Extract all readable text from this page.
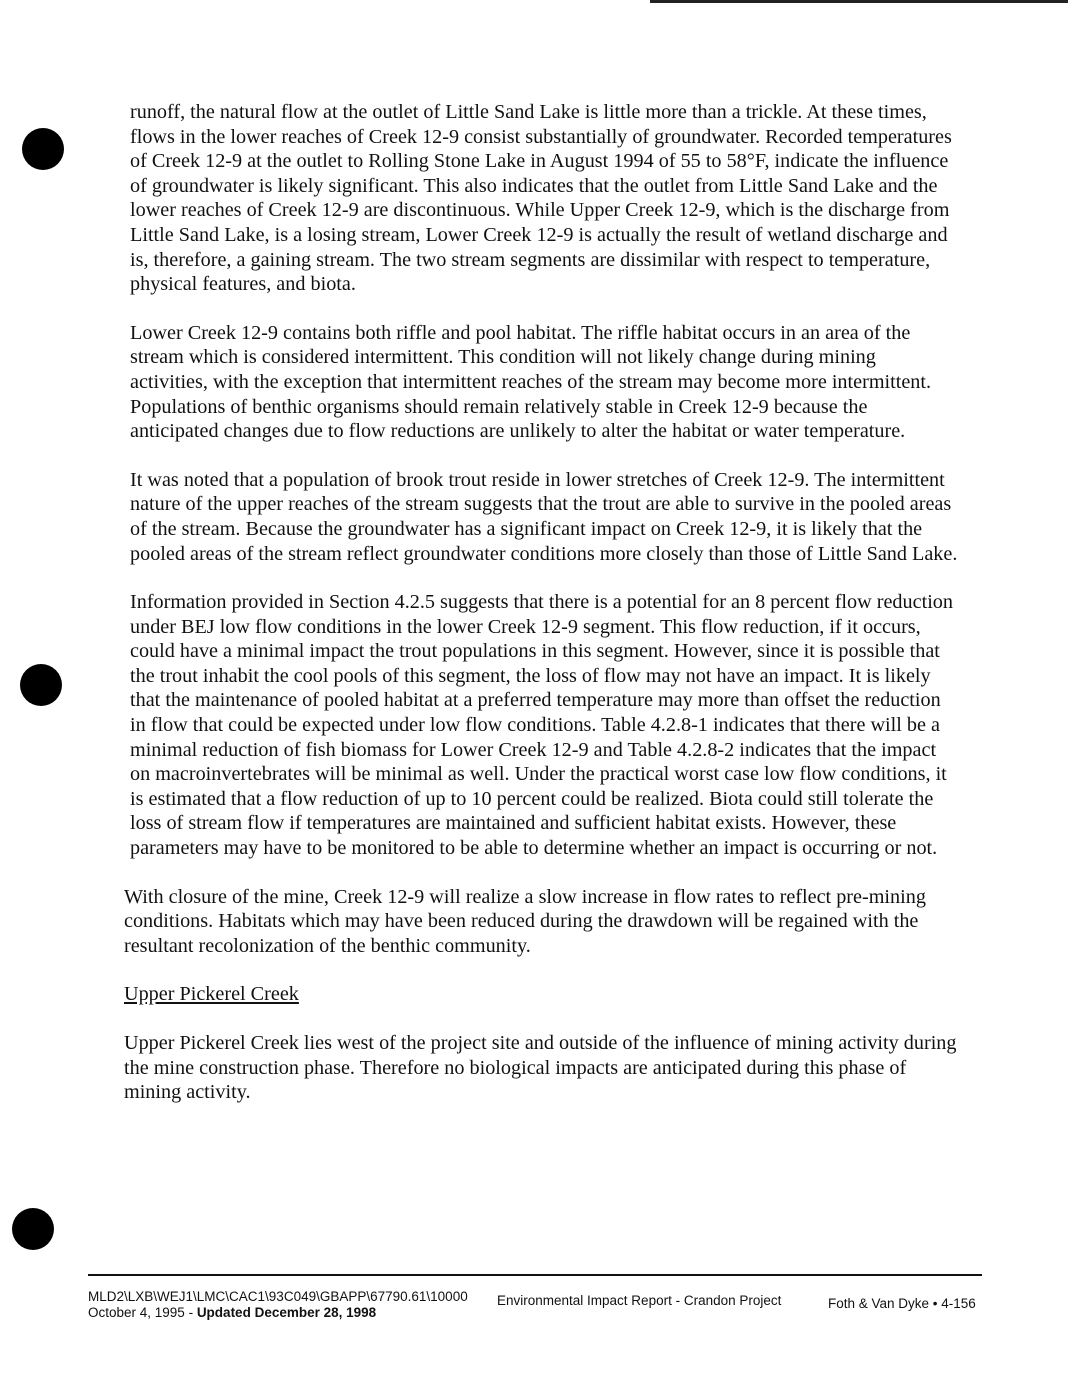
runoff, the natural flow at the outlet of Little Sand Lake is little more than a trickle. At these times, flows in the lower reaches of Creek 12-9 consist substantially of groundwater. Recorded temperatures of Creek 12-9 at the outlet to Rolling Stone Lake in August 1994 of 55 to 58°F, indicate the influence of groundwater is likely significant. This also indicates that the outlet from Little Sand Lake and the lower reaches of Creek 12-9 are discontinuous. While Upper Creek 12-9, which is the discharge from Little Sand Lake, is a losing stream, Lower Creek 12-9 is actually the result of wetland discharge and is, therefore, a gaining stream. The two stream segments are dissimilar with respect to temperature, physical features, and biota.

Lower Creek 12-9 contains both riffle and pool habitat. The riffle habitat occurs in an area of the stream which is considered intermittent. This condition will not likely change during mining activities, with the exception that intermittent reaches of the stream may become more intermittent. Populations of benthic organisms should remain relatively stable in Creek 12-9 because the anticipated changes due to flow reductions are unlikely to alter the habitat or water temperature.

It was noted that a population of brook trout reside in lower stretches of Creek 12-9. The intermittent nature of the upper reaches of the stream suggests that the trout are able to survive in the pooled areas of the stream. Because the groundwater has a significant impact on Creek 12-9, it is likely that the pooled areas of the stream reflect groundwater conditions more closely than those of Little Sand Lake.

Information provided in Section 4.2.5 suggests that there is a potential for an 8 percent flow reduction under BEJ low flow conditions in the lower Creek 12-9 segment. This flow reduction, if it occurs, could have a minimal impact the trout populations in this segment. However, since it is possible that the trout inhabit the cool pools of this segment, the loss of flow may not have an impact. It is likely that the maintenance of pooled habitat at a preferred temperature may more than offset the reduction in flow that could be expected under low flow conditions. Table 4.2.8-1 indicates that there will be a minimal reduction of fish biomass for Lower Creek 12-9 and Table 4.2.8-2 indicates that the impact on macroinvertebrates will be minimal as well. Under the practical worst case low flow conditions, it is estimated that a flow reduction of up to 10 percent could be realized. Biota could still tolerate the loss of stream flow if temperatures are maintained and sufficient habitat exists. However, these parameters may have to be monitored to be able to determine whether an impact is occurring or not.

With closure of the mine, Creek 12-9 will realize a slow increase in flow rates to reflect pre-mining conditions. Habitats which may have been reduced during the drawdown will be regained with the resultant recolonization of the benthic community.

Upper Pickerel Creek

Upper Pickerel Creek lies west of the project site and outside of the influence of mining activity during the mine construction phase. Therefore no biological impacts are anticipated during this phase of mining activity.

MLD2\LXB\WEJ1\LMC\CAC1\93C049\GBAPP\67790.61\10000
October 4, 1995 - Updated December 28, 1998
Environmental Impact Report - Crandon Project	Foth & Van Dyke • 4-156
